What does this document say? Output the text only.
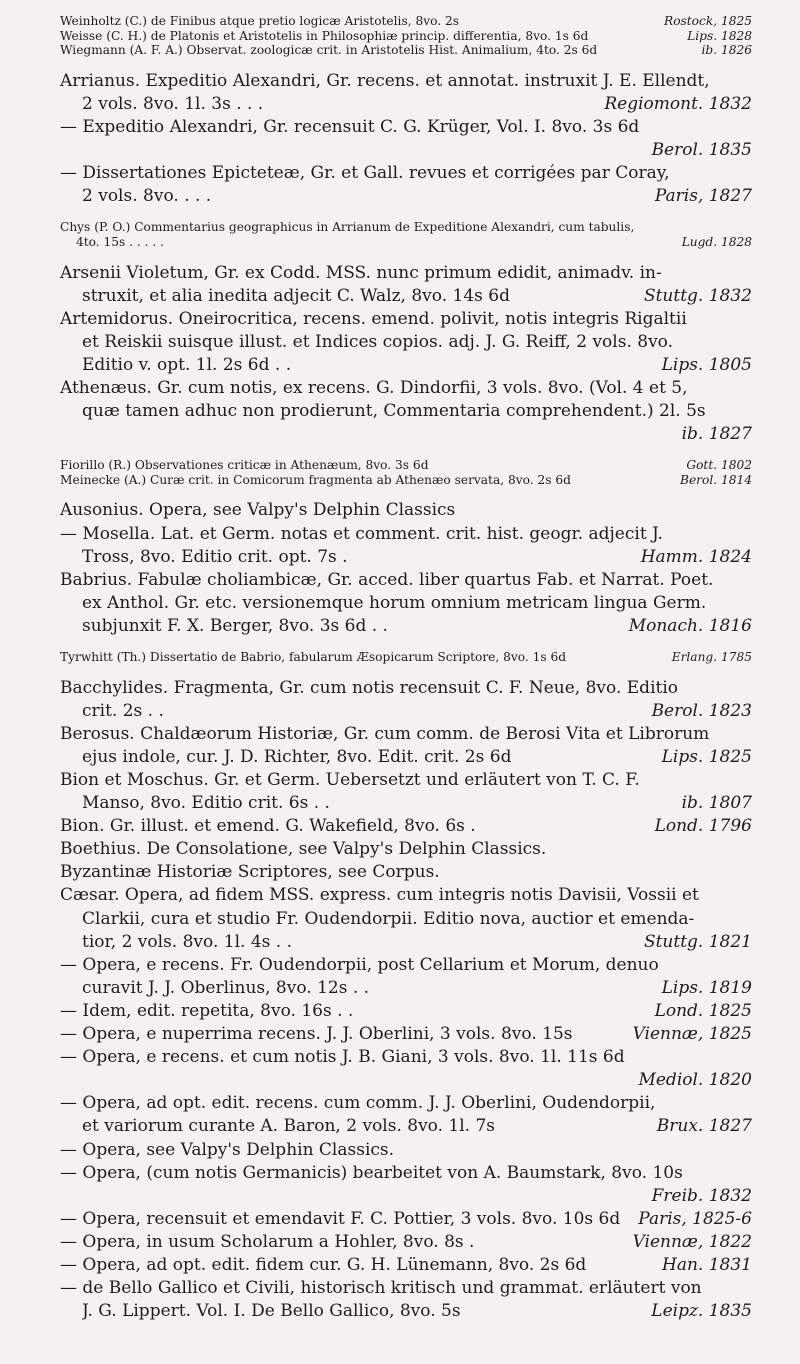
Weinholtz (C.) de Finibus atque pretio logicæ Aristotelis, 8vo. 2s	Rostock, 1825
Weisse (C. H.) de Platonis et Aristotelis in Philosophiæ princip. differentia, 8vo. 1s 6d	Lips. 1828
Wiegmann (A. F. A.) Observat. zoologicæ crit. in Aristotelis Hist. Animalium, 4to. 2s 6d	ib. 1826
Arrianus. Expeditio Alexandri, Gr. recens. et annotat. instruxit J. E. Ellendt,
2 vols. 8vo. 1l. 3s . . .	Regiomont. 1832
— Expeditio Alexandri, Gr. recensuit C. G. Krüger, Vol. I. 8vo. 3s 6d
Berol. 1835
— Dissertationes Epicteteæ, Gr. et Gall. revues et corrigées par Coray,
2 vols. 8vo. . . .	Paris, 1827
Chys (P. O.) Commentarius geographicus in Arrianum de Expeditione Alexandri, cum tabulis,
4to. 15s . . . . .	Lugd. 1828
Arsenii Violetum, Gr. ex Codd. MSS. nunc primum edidit, animadv. in-
struxit, et alia inedita adjecit C. Walz, 8vo. 14s 6d	Stuttg. 1832
Artemidorus. Oneirocritica, recens. emend. polivit, notis integris Rigaltii
et Reiskii suisque illust. et Indices copios. adj. J. G. Reiff, 2 vols. 8vo.
Editio v. opt. 1l. 2s 6d . .	Lips. 1805
Athenæus. Gr. cum notis, ex recens. G. Dindorfii, 3 vols. 8vo. (Vol. 4 et 5,
quæ tamen adhuc non prodierunt, Commentaria comprehendent.) 2l. 5s
ib. 1827
Fiorillo (R.) Observationes criticæ in Athenæum, 8vo. 3s 6d	Gott. 1802
Meinecke (A.) Curæ crit. in Comicorum fragmenta ab Athenæo servata, 8vo. 2s 6d	Berol. 1814
Ausonius. Opera, see Valpy's Delphin Classics
— Mosella. Lat. et Germ. notas et comment. crit. hist. geogr. adjecit J.
Tross, 8vo. Editio crit. opt. 7s .	Hamm. 1824
Babrius. Fabulæ choliambicæ, Gr. acced. liber quartus Fab. et Narrat. Poet.
ex Anthol. Gr. etc. versionemque horum omnium metricam lingua Germ.
subjunxit F. X. Berger, 8vo. 3s 6d . .	Monach. 1816
Tyrwhitt (Th.) Dissertatio de Babrio, fabularum Æsopicarum Scriptore, 8vo. 1s 6d	Erlang. 1785
Bacchylides. Fragmenta, Gr. cum notis recensuit C. F. Neue, 8vo. Editio
crit. 2s . .	Berol. 1823
Berosus. Chaldæorum Historiæ, Gr. cum comm. de Berosi Vita et Librorum
ejus indole, cur. J. D. Richter, 8vo. Edit. crit. 2s 6d	Lips. 1825
Bion et Moschus. Gr. et Germ. Uebersetzt und erläutert von T. C. F.
Manso, 8vo. Editio crit. 6s . .	ib. 1807
Bion. Gr. illust. et emend. G. Wakefield, 8vo. 6s .	Lond. 1796
Boethius. De Consolatione, see Valpy's Delphin Classics.
Byzantinæ Historiæ Scriptores, see Corpus.
Cæsar. Opera, ad fidem MSS. express. cum integris notis Davisii, Vossii et
Clarkii, cura et studio Fr. Oudendorpii. Editio nova, auctior et emenda-
tior, 2 vols. 8vo. 1l. 4s . .	Stuttg. 1821
— Opera, e recens. Fr. Oudendorpii, post Cellarium et Morum, denuo
curavit J. J. Oberlinus, 8vo. 12s . .	Lips. 1819
— Idem, edit. repetita, 8vo. 16s . .	Lond. 1825
— Opera, e nuperrima recens. J. J. Oberlini, 3 vols. 8vo. 15s	Viennæ, 1825
— Opera, e recens. et cum notis J. B. Giani, 3 vols. 8vo. 1l. 11s 6d
Mediol. 1820
— Opera, ad opt. edit. recens. cum comm. J. J. Oberlini, Oudendorpii,
et variorum curante A. Baron, 2 vols. 8vo. 1l. 7s	Brux. 1827
— Opera, see Valpy's Delphin Classics.
— Opera, (cum notis Germanicis) bearbeitet von A. Baumstark, 8vo. 10s
Freib. 1832
— Opera, recensuit et emendavit F. C. Pottier, 3 vols. 8vo. 10s 6d	Paris, 1825-6
— Opera, in usum Scholarum a Hohler, 8vo. 8s .	Viennæ, 1822
— Opera, ad opt. edit. fidem cur. G. H. Lünemann, 8vo. 2s 6d	Han. 1831
— de Bello Gallico et Civili, historisch kritisch und grammat. erläutert von
J. G. Lippert. Vol. I. De Bello Gallico, 8vo. 5s	Leipz. 1835
